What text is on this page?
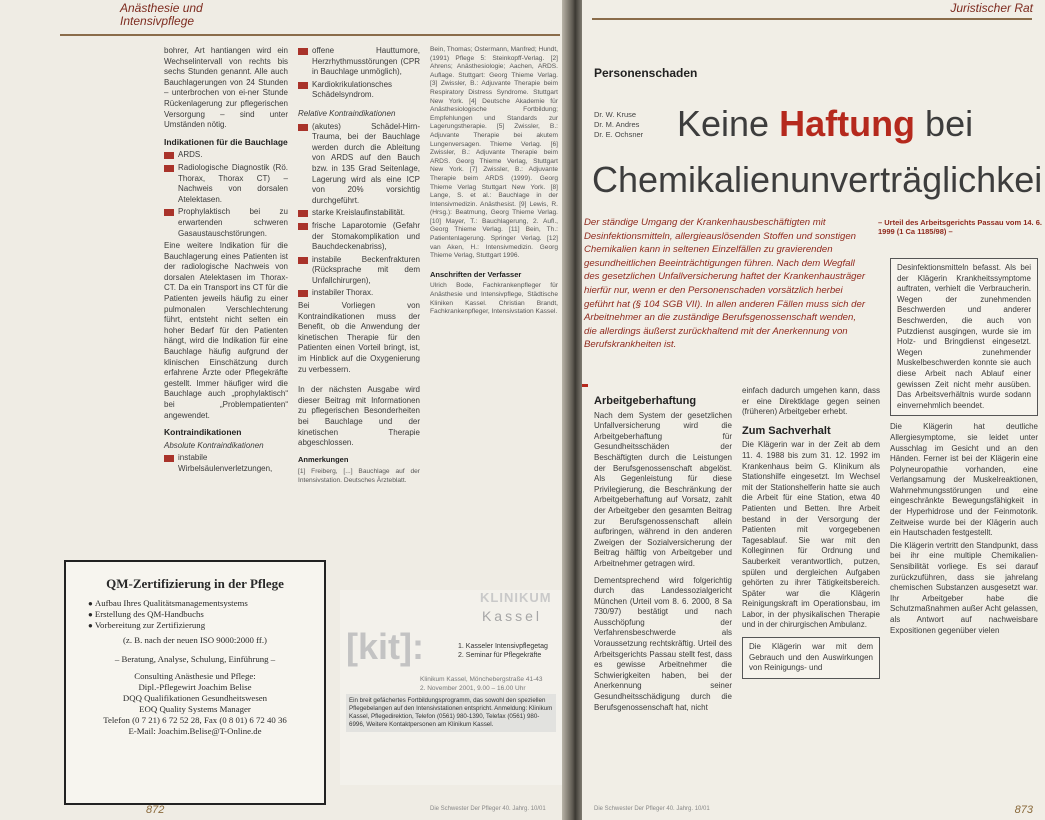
Anästhesie und
Intensivpflege

bohrer, Art hantiangen wird ein Wechselintervall von rechts bis sechs Stunden genannt. Alle auch Bauchlagerungen von 24 Stunden – unterbrochen von ei-ner Stunde Rückenlagerung zur pflegerischen Versorgung – sind unter Umständen nötig.

Indikationen für die Bauchlage
ARDS.
Radiologische Diagnostik (Rö. Thorax, Thorax CT) – Nachweis von dorsalen Atelektasen.
Prophylaktisch bei zu erwartenden schweren Gasaustauschstörungen.

Eine weitere Indikation für die Bauchlagerung eines Patienten ist der radiologische Nachweis von dorsalen Atelektasen im Thorax-CT. Da ein Transport ins CT für die Patienten jeweils häufig zu einer pulmonalen Verschlechterung führt, entsteht nicht selten ein hoher Bedarf für den Patienten hängt, wird die Indikation für eine Bauchlage häufig aufgrund der klinischen Einschätzung durch erfahrene Ärzte oder Pflegekräfte gestellt. Immer häufiger wird die Bauchlage auch „prophylaktisch“ bei „Problempatienten“ angewendet.

Kontraindikationen

Absolute Kontraindikationen

instabile Wirbelsäulenverletzungen,
offene Hauttumore, Herzrhythmusstörungen (CPR in Bauchlage unmöglich),
Kardiokrikulationsches Schädelsyndrom.

Relative Kontraindikationen

(akutes) Schädel-Hirn-Trauma, bei der Bauchlage werden durch die Ableitung von ARDS auf den Bauch bzw. in 135 Grad Seitenlage, Lagerung wird als eine ICP von 20% vorsichtig durchgeführt.
starke Kreislaufinstabilität.
frische Laparotomie (Gefahr der Stomakomplikation und Bauchdeckenabriss),
instabile Beckenfrakturen (Rücksprache mit dem Unfallchirurgen),
instabiler Thorax.

Bei Vorliegen von Kontraindikationen muss der Benefit, ob die Anwendung der kinetischen Therapie für den Patienten einen Vorteil bringt, ist, im Hinblick auf die Oxygenierung zu verbessern.

In der nächsten Ausgabe wird dieser Beitrag mit Informationen zu pflegerischen Besonderheiten bei Bauchlage und der kinetischen Therapie abgeschlossen.

Anmerkungen

[1] Freiberg, [...] Bauchlage auf der Intensivstation. Deutsches Ärzteblatt.

Bein, Thomas; Ostermann, Manfred; Hundt, (1991) Pflege 5: Steinkopff-Verlag. [2] Ahrens; Anästhesiologie; Aachen, ARDS. Auflage. Stuttgart: Georg Thieme Verlag. [3] Zwissler, B.: Adjuvante Therapie beim Respiratory Distress Syndrome. Stuttgart New York. [4] Deutsche Akademie für Anästhesiologische Fortbildung; Empfehlungen und Standards zur Lagerungstherapie. [5] Zwissler, B.: Adjuvante Therapie bei akutem Lungenversagen. Thieme Verlag. [6] Zwissler, B.: Adjuvante Therapie beim ARDS. Georg Thieme Verlag, Stuttgart New York. [7] Zwissler, B.: Adjuvante Therapie beim ARDS (1999). Georg Thieme Verlag Stuttgart New York. [8] Lange, S. et al.: Bauchlage in der Intensivmedizin. Anästhesist. [9] Lewis, R. (Hrsg.): Beatmung, Georg Thieme Verlag. [10] Mayer, T.: Bauchlagerung, 2. Aufl., Georg Thieme Verlag. [11] Bein, Th.: Patientenlagerung. Springer Verlag. [12] van Aken, H.: Intensivmedizin. Georg Thieme Verlag, Stuttgart 1996.

Anschriften der Verfasser

Ulrich Bode, Fachkrankenpfleger für Anästhesie und Intensivpflege, Städtische Kliniken Kassel. Christian Brandt, Fachkrankenpfleger, Intensivstation Kassel.

QM-Zertifizierung in der Pflege
● Aufbau Ihres Qualitätsmanagementsystems
● Erstellung des QM-Handbuchs
● Vorbereitung zur Zertifizierung
(z. B. nach der neuen ISO 9000:2000 ff.)
– Beratung, Analyse, Schulung, Einführung –
Consulting Anästhesie und Pflege:
Dipl.-Pflegewirt Joachim Belise
DQQ Qualifikationen Gesundheitswesen
EOQ Quality Systems Manager
Telefon (0 7 21) 6 72 52 28, Fax (0 8 01) 6 72 40 36
E-Mail: Joachim.Belise@T-Online.de
KLINIKUM
Kassel
[kit]:	1. Kasseler Intensivpflegetag
2. Seminar für Pflegekräfte
Klinikum Kassel, Mönchebergstraße 41-43
2. November 2001, 9.00 – 16.00 Uhr
Ein breit gefächertes Fortbildungsprogramm, das sowohl den speziellen Pflegebelangen auf den Intensivstationen entspricht. Anmeldung: Klinikum Kassel, Pflegedirektion, Telefon (0561) 980-1390, Telefax (0561) 980-6996, Weitere Kontaktpersonen am Klinikum Kassel.
872	Die Schwester Der Pfleger 40. Jahrg. 10/01
Juristischer Rat
Personenschaden
Dr. W. Kruse
Dr. M. Andres
Dr. E. Ochsner Keine Haftung bei
Chemikalienunverträglichkei
Der ständige Umgang der Krankenhausbeschäftigten mit Desinfektionsmitteln, allergieauslösenden Stoffen und sonstigen Chemikalien kann in seltenen Einzelfällen zu gravierenden gesundheitlichen Beeinträchtigungen führen. Nach dem Wegfall des gesetzlichen Unfallversicherung haftet der Krankenhausträger hierfür nur, wenn er den Personenschaden vorsätzlich herbei geführt hat (§ 104 SGB VII). In allen anderen Fällen muss sich der Arbeitnehmer an die zuständige Berufsgenossenschaft wenden, die allerdings äußerst zurückhaltend mit der Anerkennung von Berufskrankheiten ist.
– Urteil des Arbeitsgerichts Passau vom 14. 6. 1999 (1 Ca 1185/98) –
Arbeitgeberhaftung

Nach dem System der gesetzlichen Unfallversicherung wird die Arbeitgeberhaftung für Gesundheitsschäden der Beschäftigten durch die Leistungen der Berufsgenossenschaft abgelöst. Als Gegenleistung für diese Privilegierung, die Beschränkung der Arbeitgeberhaftung auf Vorsatz, zahlt der Arbeitgeber den gesamten Beitrag zur Berufsgenossenschaft allein aufbringen, während in den anderen Zweigen der Sozialversicherung der Beitrag hälftig von Arbeitgeber und Arbeitnehmer getragen wird.

Dementsprechend wird folgerichtig durch das Landessozialgericht München (Urteil vom 8. 6. 2000, 8 Sa 730/97) bestätigt und nach Ausschöpfung der Verfahrensbeschwerde als Voraussetzung rechtskräftig. Urteil des Arbeitsgerichts Passau stellt fest, dass es gewisse Arbeitnehmer die Schwierigkeiten haben, bei der Anerkennung seiner Gesundheitsschädigung durch die Berufsgenossenschaft hat, nicht

einfach dadurch umgehen kann, dass er eine Direktklage gegen seinen (früheren) Arbeitgeber erhebt.

Zum Sachverhalt

Die Klägerin war in der Zeit ab dem 11. 4. 1988 bis zum 31. 12. 1992 im Krankenhaus beim G. Klinikum als Stationshilfe eingesetzt. Im Wechsel mit der Stationshelferin hatte sie auch die Arbeit für eine Station, etwa 40 Patienten und Betten. Ihre Arbeit bestand in der Versorgung der Patienten mit vorgegebenen Tagesablauf. Sie war mit den Kolleginnen für Ordnung und Sauberkeit verantwortlich, putzen, spülen und dergleichen Aufgaben gehörten zu ihrer Tätigkeitsbereich. Später war die Klägerin Reinigungskraft im Operationsbau, im Labor, in der physikalischen Therapie und in der chirurgischen Ambulanz.

Die Klägerin war mit dem Gebrauch und den Auswirkungen von Reinigungs- und
Desinfektionsmitteln befasst. Als bei der Klägerin Krankheitssymptome auftraten, verhielt die Verbraucherin. Wegen der zunehmenden Beschwerden und anderer Beschwerden, die auch von Putzdienst ausgingen, wurde sie im Holz- und Bringdienst eingesetzt. Wegen zunehmender Muskelbeschwerden konnte sie auch diese Arbeit nach Ablauf einer gewissen Zeit nicht mehr ausüben. Das Arbeitsverhältnis wurde sodann einvernehmlich beendet.

Die Klägerin hat deutliche Allergiesymptome, sie leidet unter Ausschlag im Gesicht und an den Händen. Ferner ist bei der Klägerin eine Polyneuropathie vorhanden, eine Verlangsamung der Muskelreaktionen, Wahrnehmungsstörungen und eine eingeschränkte Bewegungsfähigkeit in der Hyperhidrose und der Feinmotorik. Zeitweise wurde bei der Klägerin auch ein Hautschaden festgestellt.

Die Klägerin vertritt den Standpunkt, dass bei ihr eine multiple Chemikalien-Sensibilität vorliege. Es sei darauf zurückzuführen, dass sie jahrelang chemischen Substanzen ausgesetzt war. Ihr Arbeitgeber habe die Schutzmaßnahmen außer Acht gelassen, als Antwort auf nachweisbare Expositionen gegenüber vielen

Die Schwester Der Pfleger 40. Jahrg. 10/01	873
